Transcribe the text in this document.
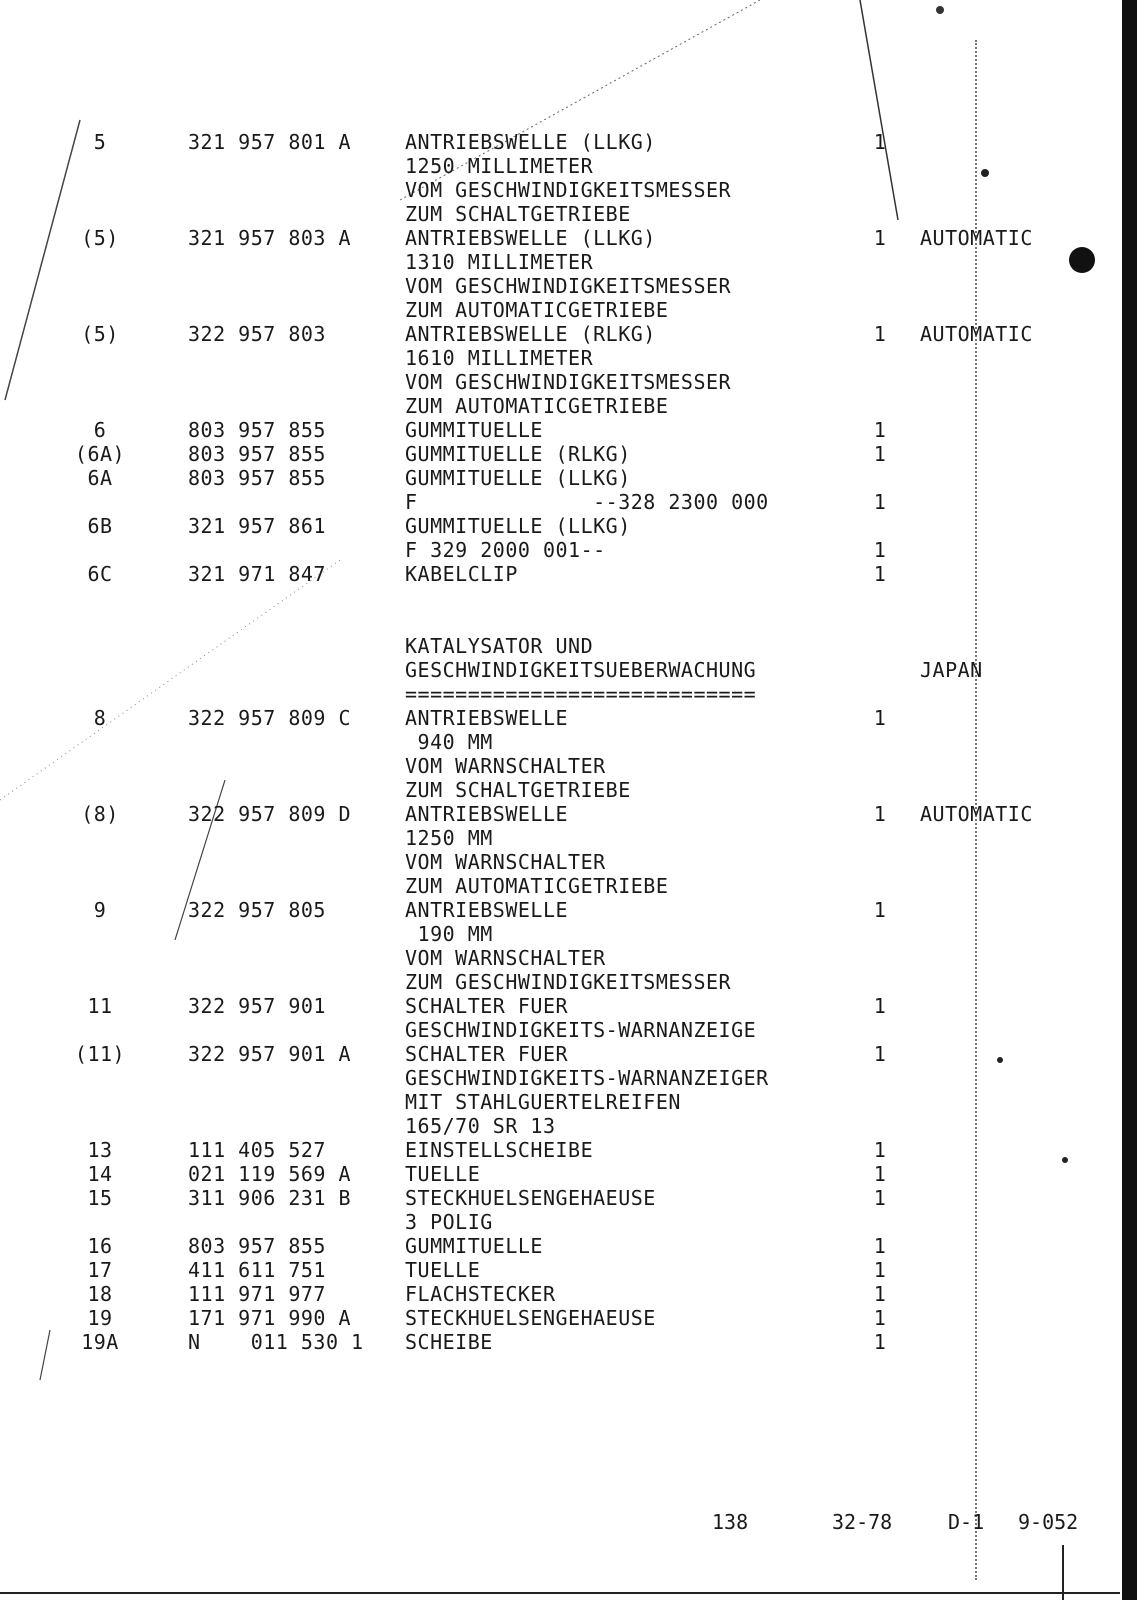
5	321 957 801 A	ANTRIEBSWELLE (LLKG)	1
1250 MILLIMETER
VOM GESCHWINDIGKEITSMESSER
ZUM SCHALTGETRIEBE
(5)	321 957 803 A	ANTRIEBSWELLE (LLKG)	1 AUTOMATIC
1310 MILLIMETER
VOM GESCHWINDIGKEITSMESSER
ZUM AUTOMATICGETRIEBE
(5)	322 957 803	ANTRIEBSWELLE (RLKG)	1 AUTOMATIC
1610 MILLIMETER
VOM GESCHWINDIGKEITSMESSER
ZUM AUTOMATICGETRIEBE
6	803 957 855	GUMMITUELLE	1
(6A)	803 957 855	GUMMITUELLE (RLKG)	1
6A	803 957 855	GUMMITUELLE (LLKG)
F              --328 2300 000	1
6B	321 957 861	GUMMITUELLE (LLKG)
F 329 2000 001--	1
6C	321 971 847	KABELCLIP	1
KATALYSATOR UND
GESCHWINDIGKEITSUEBERWACHUNG	JAPAN
============================
8	322 957 809 C	ANTRIEBSWELLE	1
940 MM
VOM WARNSCHALTER
ZUM SCHALTGETRIEBE
(8)	322 957 809 D	ANTRIEBSWELLE	1 AUTOMATIC
1250 MM
VOM WARNSCHALTER
ZUM AUTOMATICGETRIEBE
9	322 957 805	ANTRIEBSWELLE	1
190 MM
VOM WARNSCHALTER
ZUM GESCHWINDIGKEITSMESSER
11	322 957 901	SCHALTER FUER	1
GESCHWINDIGKEITS-WARNANZEIGE
(11)	322 957 901 A	SCHALTER FUER	1
GESCHWINDIGKEITS-WARNANZEIGER
MIT STAHLGUERTELREIFEN
165/70 SR 13
13	111 405 527	EINSTELLSCHEIBE	1
14	021 119 569 A	TUELLE	1
15	311 906 231 B	STECKHUELSENGEHAEUSE	1
3 POLIG
16	803 957 855	GUMMITUELLE	1
17	411 611 751	TUELLE	1
18	111 971 977	FLACHSTECKER	1
19	171 971 990 A	STECKHUELSENGEHAEUSE	1
19A	N    011 530 1 SCHEIBE	1
138	32-78	D-1 9-052
